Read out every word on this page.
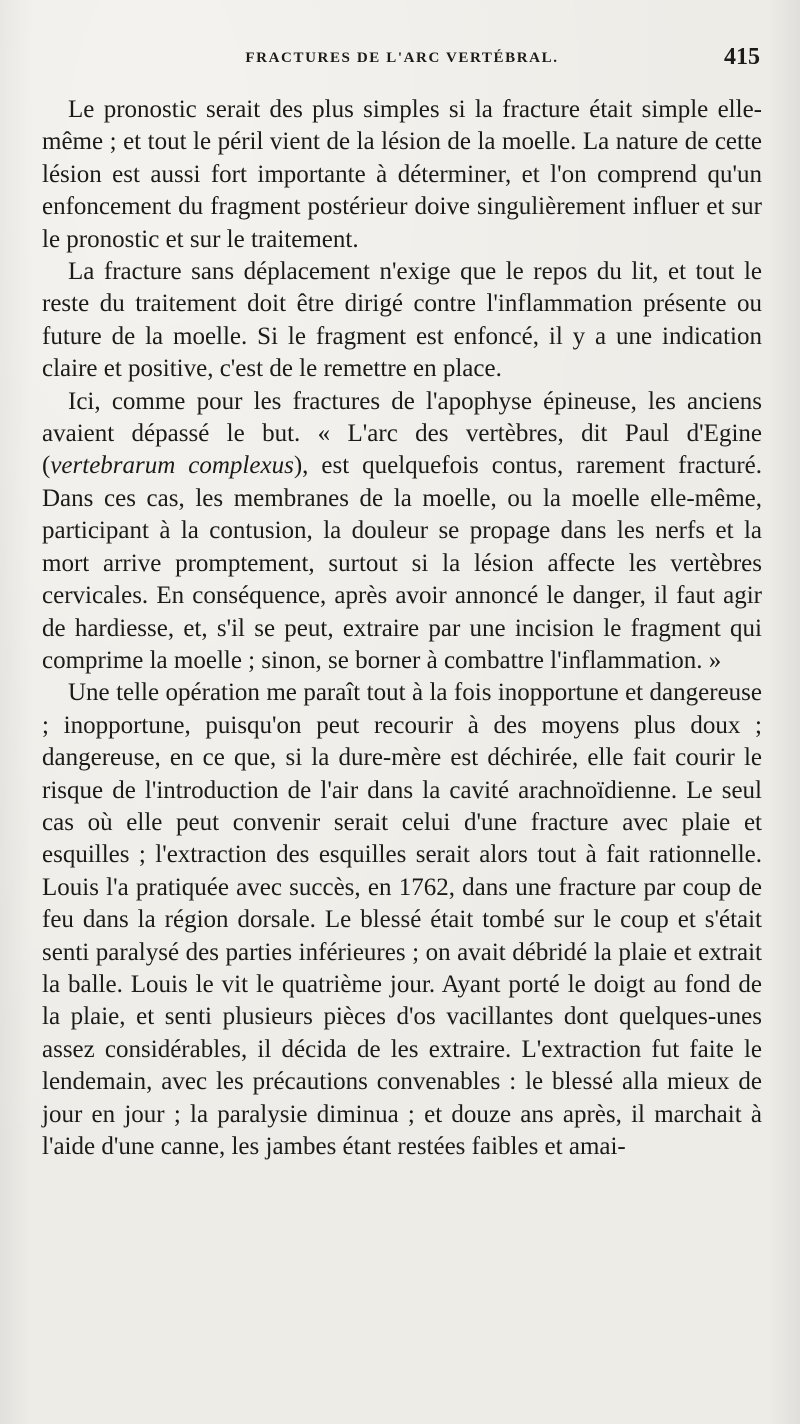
FRACTURES DE L'ARC VERTÉBRAL.	415

Le pronostic serait des plus simples si la fracture était simple elle-même ; et tout le péril vient de la lésion de la moelle. La nature de cette lésion est aussi fort importante à déterminer, et l'on comprend qu'un enfoncement du fragment postérieur doive singulièrement influer et sur le pronostic et sur le traitement.

La fracture sans déplacement n'exige que le repos du lit, et tout le reste du traitement doit être dirigé contre l'inflammation présente ou future de la moelle. Si le fragment est enfoncé, il y a une indication claire et positive, c'est de le remettre en place.

Ici, comme pour les fractures de l'apophyse épineuse, les anciens avaient dépassé le but. « L'arc des vertèbres, dit Paul d'Egine (vertebrarum complexus), est quelquefois contus, rarement fracturé. Dans ces cas, les membranes de la moelle, ou la moelle elle-même, participant à la contusion, la douleur se propage dans les nerfs et la mort arrive promptement, surtout si la lésion affecte les vertèbres cervicales. En conséquence, après avoir annoncé le danger, il faut agir de hardiesse, et, s'il se peut, extraire par une incision le fragment qui comprime la moelle ; sinon, se borner à combattre l'inflammation. »

Une telle opération me paraît tout à la fois inopportune et dangereuse ; inopportune, puisqu'on peut recourir à des moyens plus doux ; dangereuse, en ce que, si la dure-mère est déchirée, elle fait courir le risque de l'introduction de l'air dans la cavité arachnoïdienne. Le seul cas où elle peut convenir serait celui d'une fracture avec plaie et esquilles ; l'extraction des esquilles serait alors tout à fait rationnelle. Louis l'a pratiquée avec succès, en 1762, dans une fracture par coup de feu dans la région dorsale. Le blessé était tombé sur le coup et s'était senti paralysé des parties inférieures ; on avait débridé la plaie et extrait la balle. Louis le vit le quatrième jour. Ayant porté le doigt au fond de la plaie, et senti plusieurs pièces d'os vacillantes dont quelques-unes assez considérables, il décida de les extraire. L'extraction fut faite le lendemain, avec les précautions convenables : le blessé alla mieux de jour en jour ; la paralysie diminua ; et douze ans après, il marchait à l'aide d'une canne, les jambes étant restées faibles et amai-
